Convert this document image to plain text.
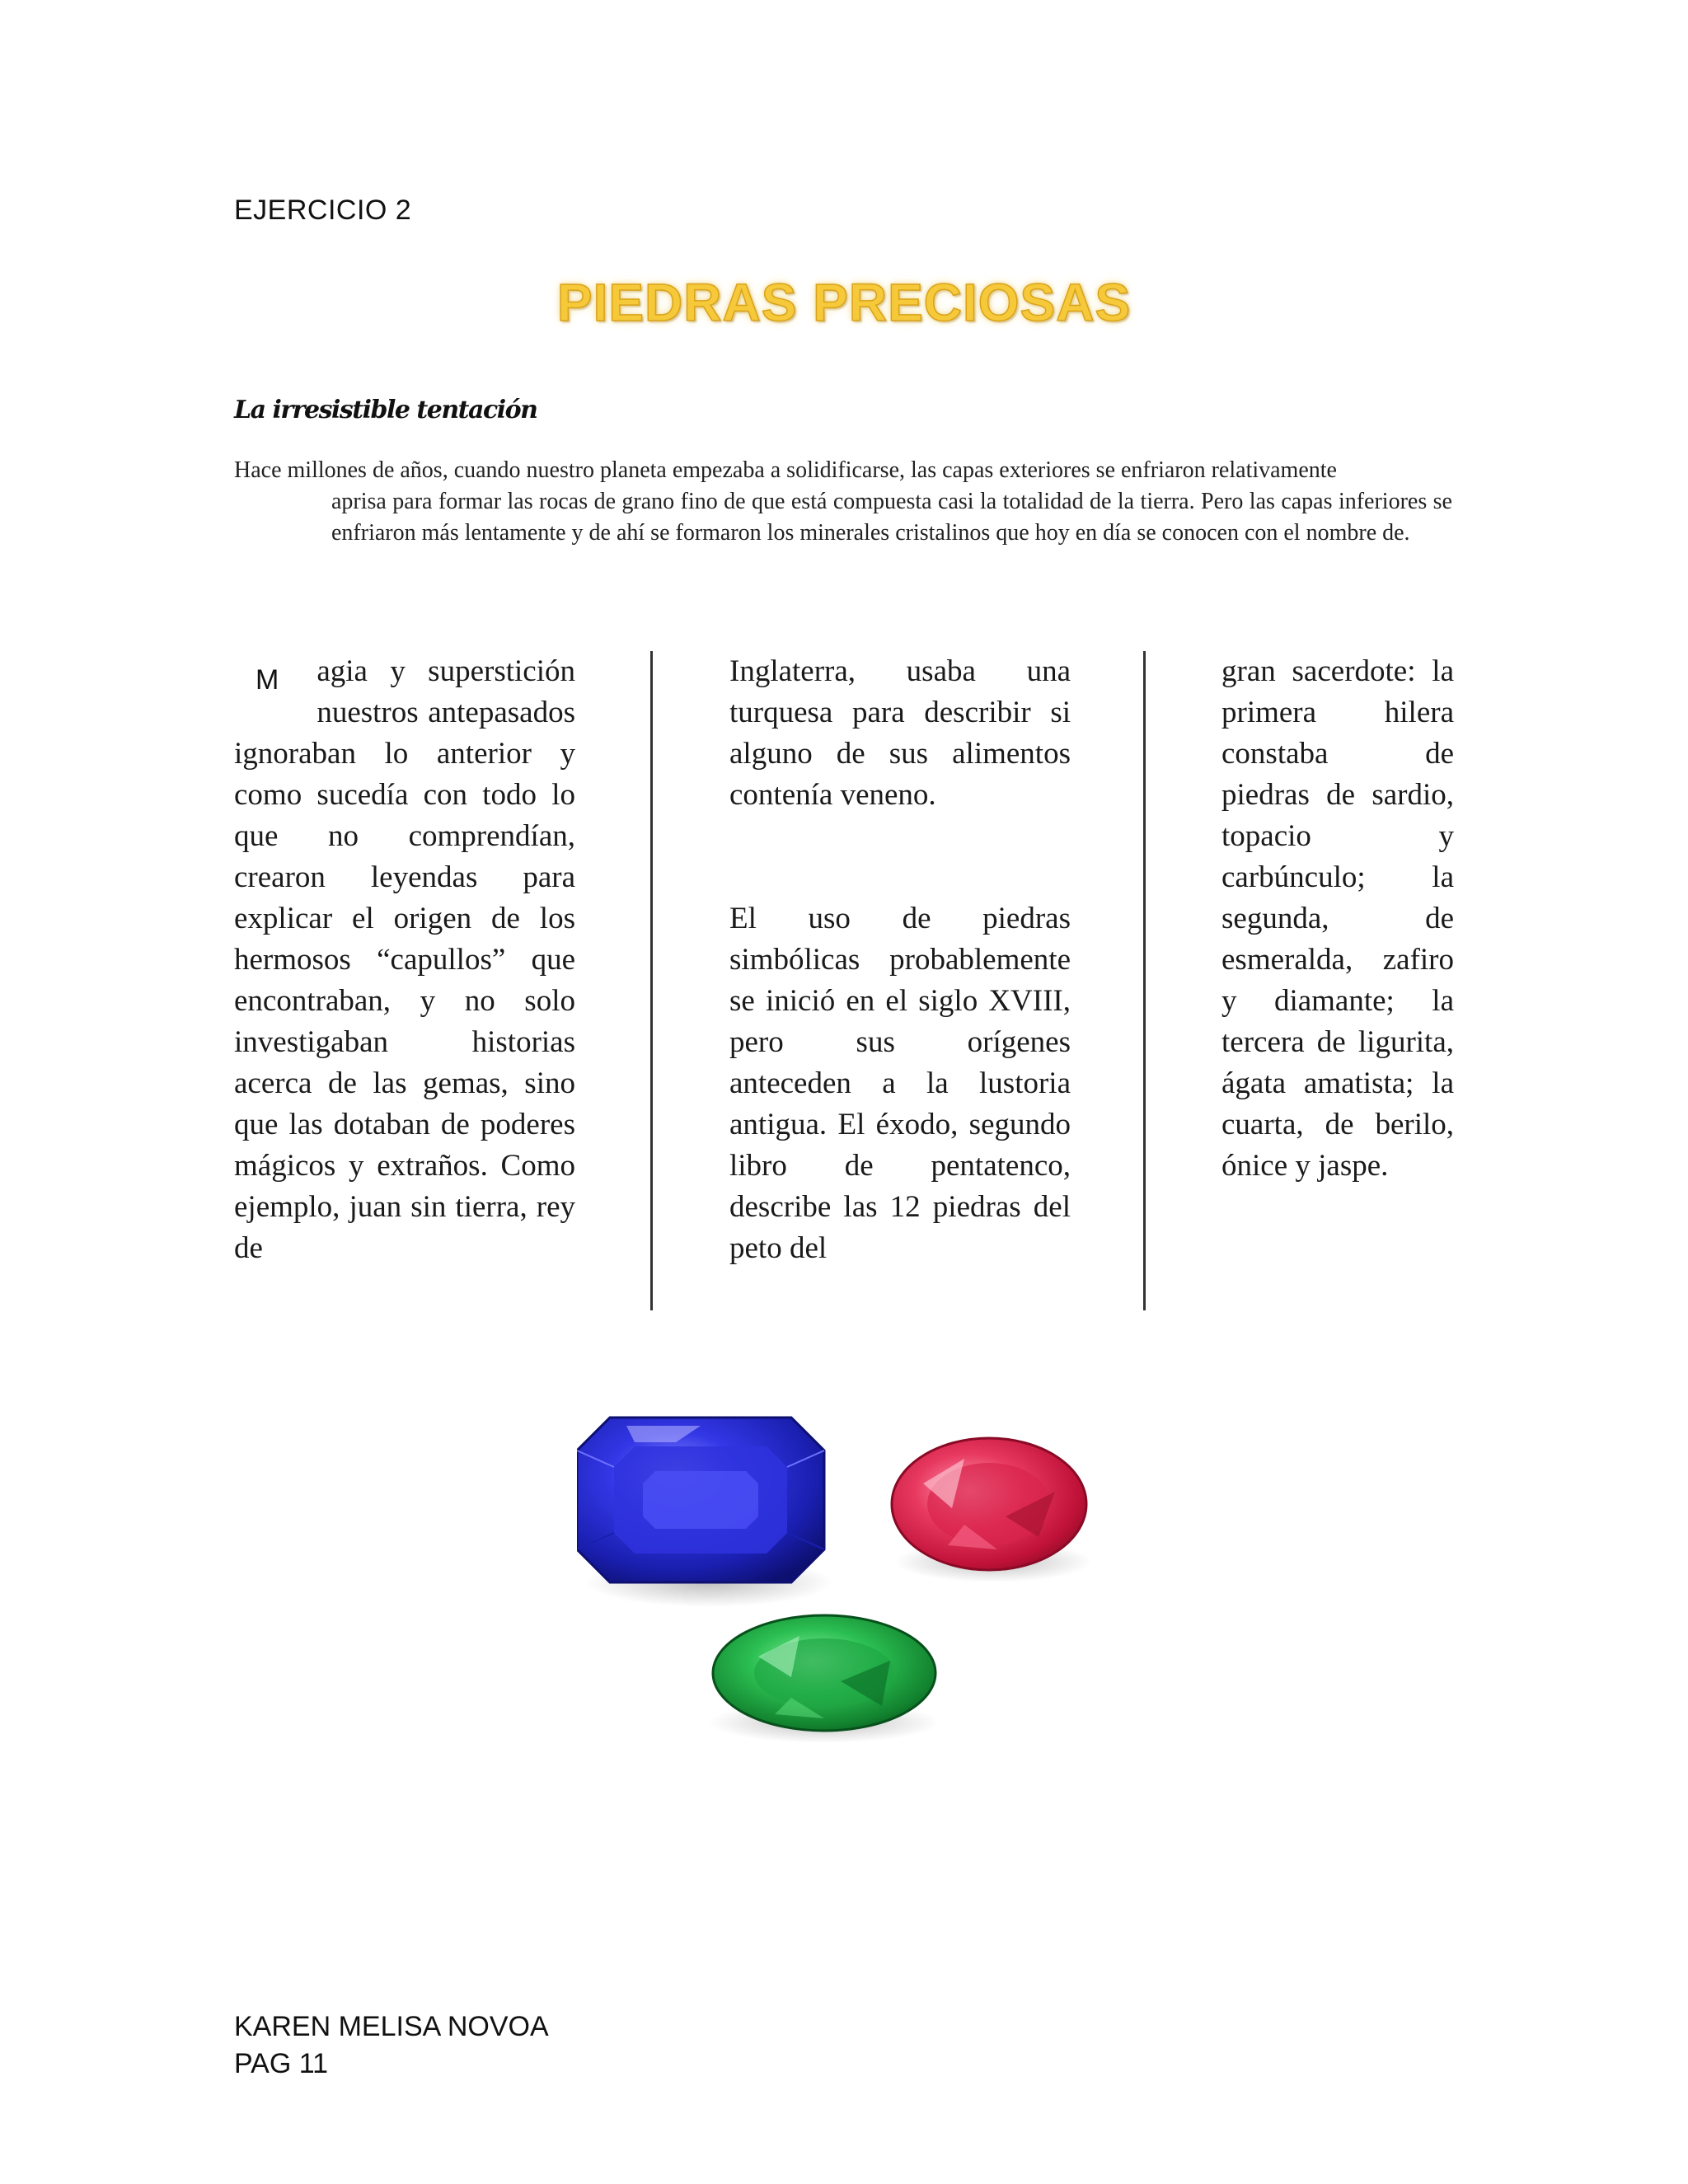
EJERCICIO 2
PIEDRAS PRECIOSAS
La irresistible tentación
Hace millones de años, cuando nuestro planeta empezaba a solidificarse, las capas exteriores se enfriaron relativamente
aprisa para formar las rocas de grano fino de que está compuesta casi la totalidad de la tierra. Pero las capas inferiores se enfriaron más lentamente y de ahí se formaron los minerales cristalinos que hoy en día se conocen con el nombre de.
M agia y superstición nuestros antepasados ignoraban lo anterior y como sucedía con todo lo que no comprendían, crearon leyendas para explicar el origen de los hermosos “capullos” que encontraban, y no solo investigaban historias acerca de las gemas, sino que las dotaban de poderes mágicos y extraños. Como ejemplo, juan sin tierra, rey de
Inglaterra, usaba una turquesa para describir si alguno de sus alimentos contenía veneno.
El uso de piedras simbólicas probablemente se inició en el siglo XVIII, pero sus orígenes anteceden a la lustoria antigua. El éxodo, segundo libro de pentatenco, describe las 12 piedras del peto del
gran sacerdote: la primera hilera constaba de piedras de sardio, topacio y carbúnculo; la segunda, de esmeralda, zafiro y diamante; la tercera de ligurita, ágata amatista; la cuarta, de berilo, ónice y jaspe.
KAREN MELISA NOVOA
PAG 11
